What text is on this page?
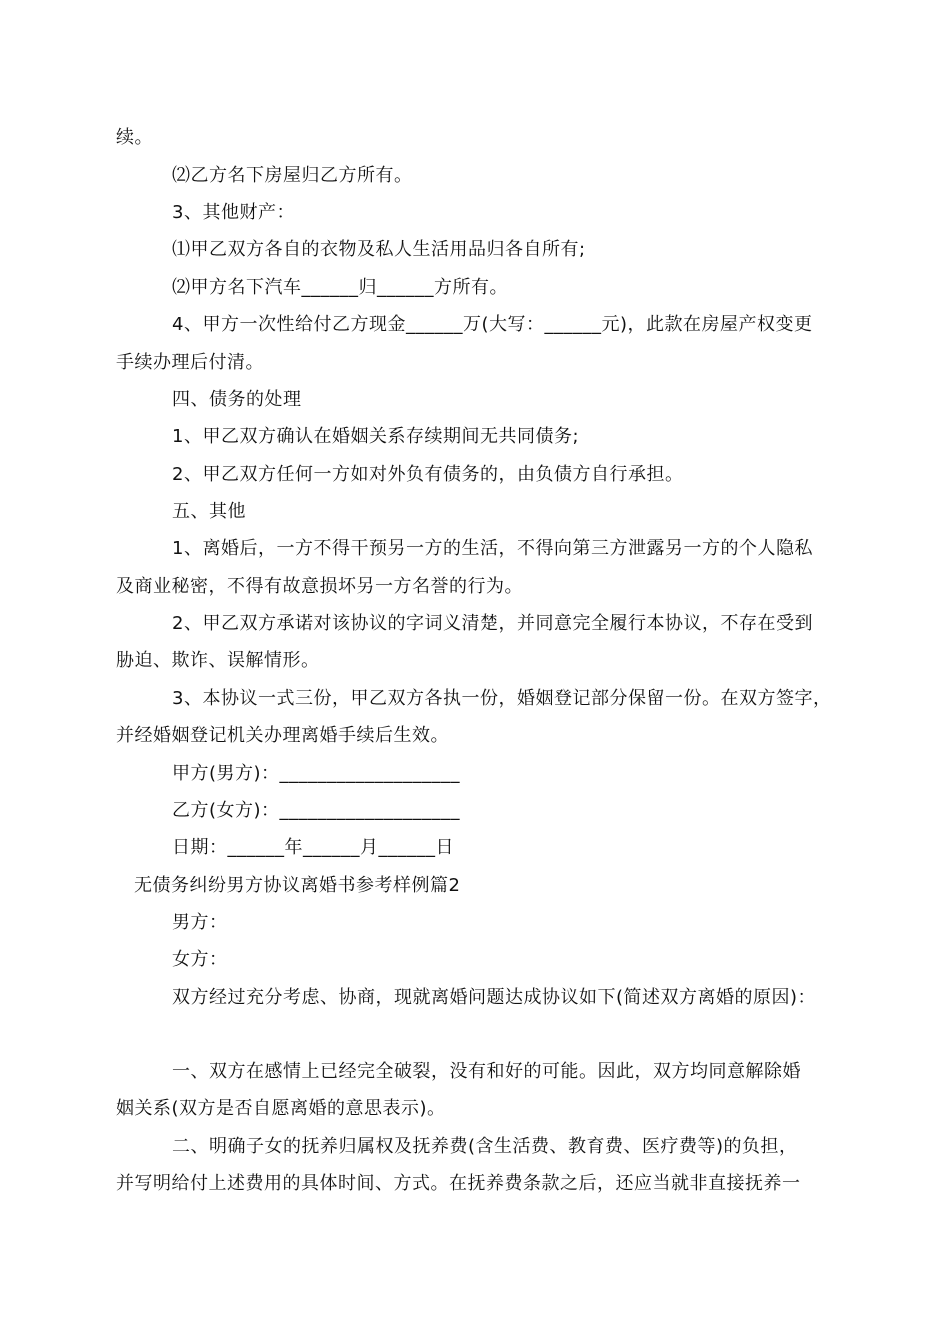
续。
⑵乙方名下房屋归乙方所有。
3、其他财产：
⑴甲乙双方各自的衣物及私人生活用品归各自所有;
⑵甲方名下汽车______归______方所有。
4、甲方一次性给付乙方现金______万(大写：______元)，此款在房屋产权变更
手续办理后付清。
四、债务的处理
1、甲乙双方确认在婚姻关系存续期间无共同债务;
2、甲乙双方任何一方如对外负有债务的，由负债方自行承担。
五、其他
1、离婚后，一方不得干预另一方的生活，不得向第三方泄露另一方的个人隐私
及商业秘密，不得有故意损坏另一方名誉的行为。
2、甲乙双方承诺对该协议的字词义清楚，并同意完全履行本协议，不存在受到
胁迫、欺诈、误解情形。
3、本协议一式三份，甲乙双方各执一份，婚姻登记部分保留一份。在双方签字，
并经婚姻登记机关办理离婚手续后生效。
甲方(男方)：___________________
乙方(女方)：___________________
日期：______年______月______日
无债务纠纷男方协议离婚书参考样例篇2
男方：
女方：
双方经过充分考虑、协商，现就离婚问题达成协议如下(简述双方离婚的原因)：
一、双方在感情上已经完全破裂，没有和好的可能。因此，双方均同意解除婚
姻关系(双方是否自愿离婚的意思表示)。
二、明确子女的抚养归属权及抚养费(含生活费、教育费、医疗费等)的负担，
并写明给付上述费用的具体时间、方式。在抚养费条款之后，还应当就非直接抚养一
